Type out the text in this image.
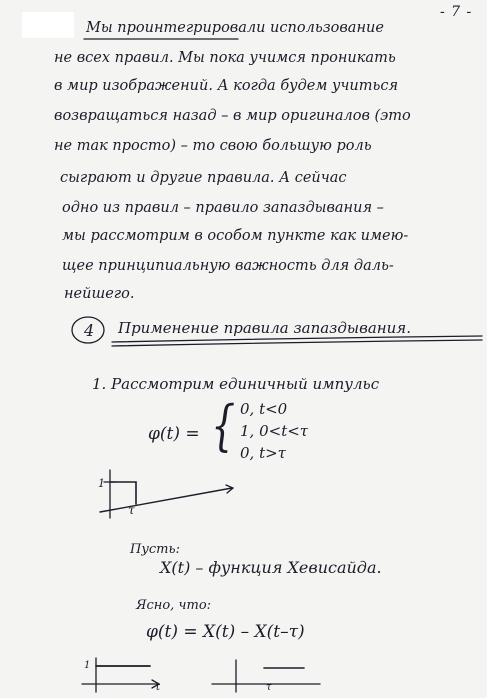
- 7 -
Мы проинтегрировали использование
не всех правил. Мы пока учимся проникать
в мир изображений. А когда будем учиться
возвращаться назад – в мир оригиналов (это
не так просто) – то свою большую роль
сыграют и другие правила. А сейчас
одно из правил – правило запаздывания –
мы рассмотрим в особом пункте как имею-
щее принципиальную важность для даль-
нейшего.
4 Применение правила запаздывания.
1. Рассмотрим единичный импульс
φ(t) = { 0, t<0
1, 0<t<τ
0, t>τ
1
τ
Пусть:
X(t) – функция Хевисайда.
Ясно, что:
φ(t) = X(t) – X(t–τ)
1
t	τ
